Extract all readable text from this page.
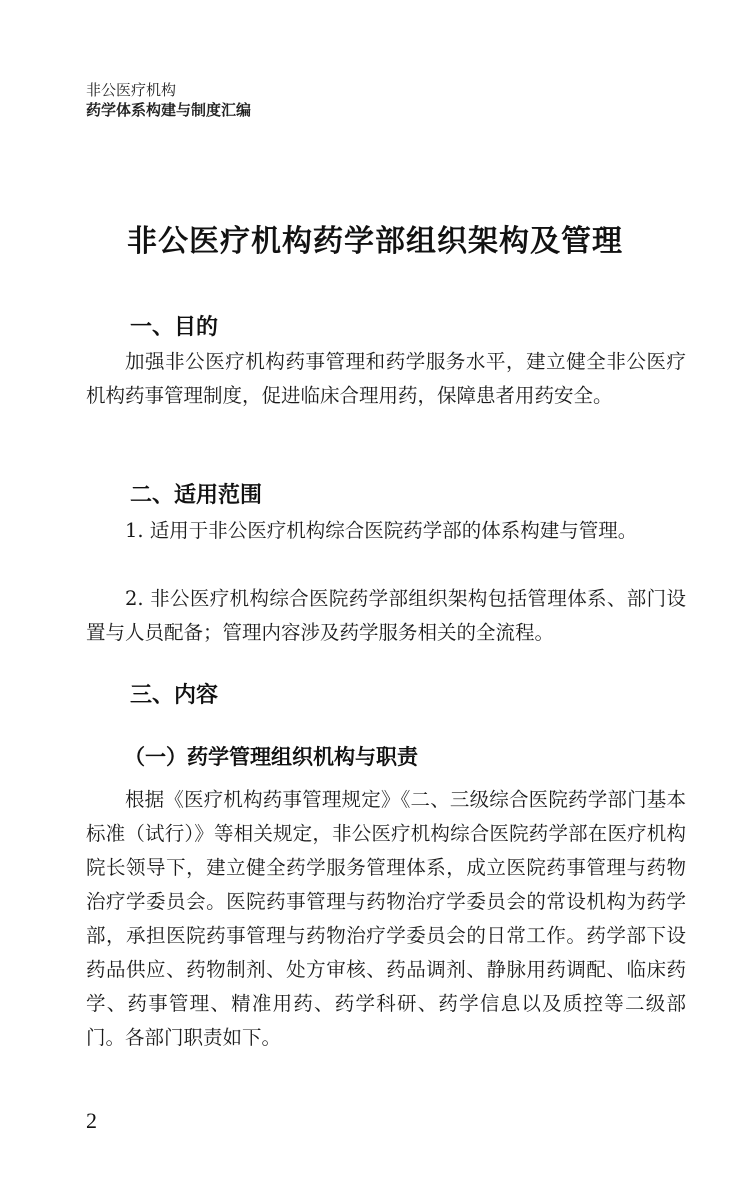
非公医疗机构
药学体系构建与制度汇编
非公医疗机构药学部组织架构及管理
一、目的
加强非公医疗机构药事管理和药学服务水平，建立健全非公医疗机构药事管理制度，促进临床合理用药，保障患者用药安全。
二、适用范围
1. 适用于非公医疗机构综合医院药学部的体系构建与管理。
2. 非公医疗机构综合医院药学部组织架构包括管理体系、部门设置与人员配备；管理内容涉及药学服务相关的全流程。
三、内容
（一）药学管理组织机构与职责
根据《医疗机构药事管理规定》《二、三级综合医院药学部门基本标准（试行）》等相关规定，非公医疗机构综合医院药学部在医疗机构院长领导下，建立健全药学服务管理体系，成立医院药事管理与药物治疗学委员会。医院药事管理与药物治疗学委员会的常设机构为药学部，承担医院药事管理与药物治疗学委员会的日常工作。药学部下设药品供应、药物制剂、处方审核、药品调剂、静脉用药调配、临床药学、药事管理、精准用药、药学科研、药学信息以及质控等二级部门。各部门职责如下。
2
